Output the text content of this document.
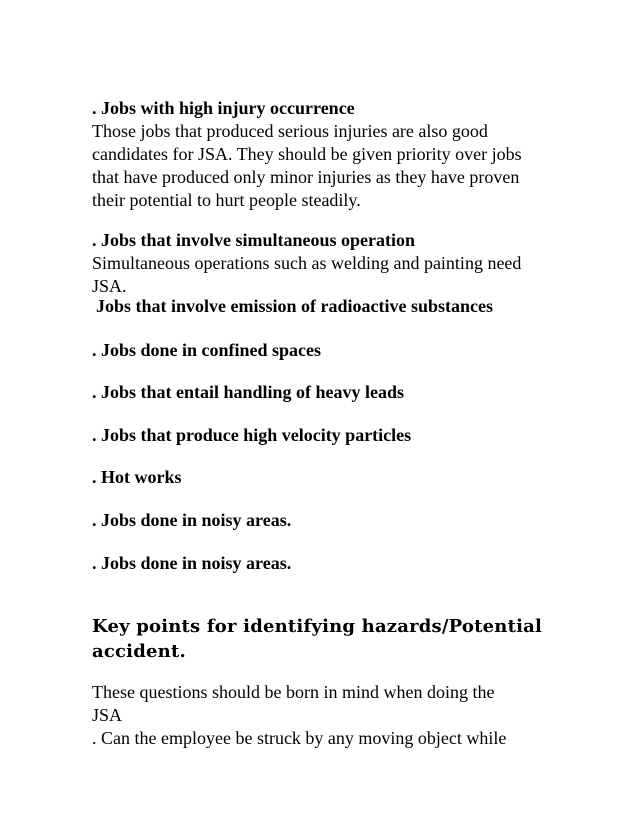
. Jobs with high injury occurrence
Those jobs that produced serious injuries are also good
candidates for JSA. They should be given priority over jobs
that have produced only minor injuries as they have proven
their potential to hurt people steadily.
. Jobs that involve simultaneous operation
Simultaneous operations such as welding and painting need
JSA.
Jobs that involve emission of radioactive substances
. Jobs done in confined spaces
. Jobs that entail handling of heavy leads
. Jobs that produce high velocity particles
. Hot works
. Jobs done in noisy areas.
. Jobs done in noisy areas.
Key points for identifying hazards/Potential
accident.
These questions should be born in mind when doing the
JSA
. Can the employee be struck by any moving object while
